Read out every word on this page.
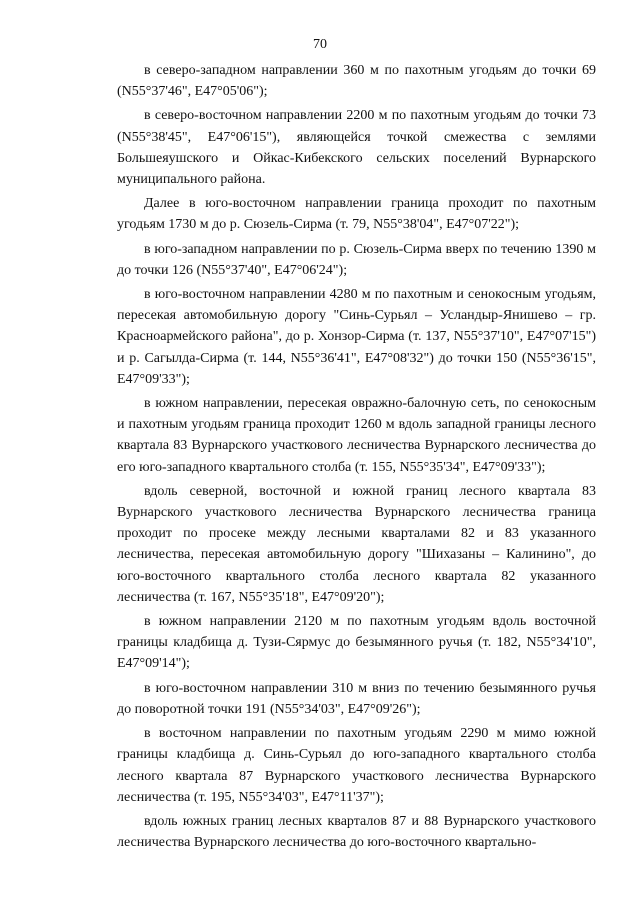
70

в северо-западном направлении 360 м по пахотным угодьям до точки 69 (N55°37'46", E47°05'06");

в северо-восточном направлении 2200 м по пахотным угодьям до точки 73 (N55°38'45", E47°06'15"), являющейся точкой смежества с землями Большеяушского и Ойкас-Кибекского сельских поселений Вурнарского муниципального района.

Далее в юго-восточном направлении граница проходит по пахотным угодьям 1730 м до р. Сюзель-Сирма (т. 79, N55°38'04", E47°07'22");

в юго-западном направлении по р. Сюзель-Сирма вверх по течению 1390 м до точки 126 (N55°37'40", E47°06'24");

в юго-восточном направлении 4280 м по пахотным и сенокосным угодьям, пересекая автомобильную дорогу "Синь-Сурьял – Усландыр-Янишево – гр. Красноармейского района", до р. Хонзор-Сирма (т. 137, N55°37'10", E47°07'15") и р. Сагылда-Сирма (т. 144, N55°36'41", E47°08'32") до точки 150 (N55°36'15", E47°09'33");

в южном направлении, пересекая овражно-балочную сеть, по сенокосным и пахотным угодьям граница проходит 1260 м вдоль западной границы лесного квартала 83 Вурнарского участкового лесничества Вурнарского лесничества до его юго-западного квартального столба (т. 155, N55°35'34", E47°09'33");

вдоль северной, восточной и южной границ лесного квартала 83 Вурнарского участкового лесничества Вурнарского лесничества граница проходит по просеке между лесными кварталами 82 и 83 указанного лесничества, пересекая автомобильную дорогу "Шихазаны – Калинино", до юго-восточного квартального столба лесного квартала 82 указанного лесничества (т. 167, N55°35'18", E47°09'20");

в южном направлении 2120 м по пахотным угодьям вдоль восточной границы кладбища д. Тузи-Сярмус до безымянного ручья (т. 182, N55°34'10", E47°09'14");

в юго-восточном направлении 310 м вниз по течению безымянного ручья до поворотной точки 191 (N55°34'03", E47°09'26");

в восточном направлении по пахотным угодьям 2290 м мимо южной границы кладбища д. Синь-Сурьял до юго-западного квартального столба лесного квартала 87 Вурнарского участкового лесничества Вурнарского лесничества (т. 195, N55°34'03", E47°11'37");

вдоль южных границ лесных кварталов 87 и 88 Вурнарского участкового лесничества Вурнарского лесничества до юго-восточного квартально-
